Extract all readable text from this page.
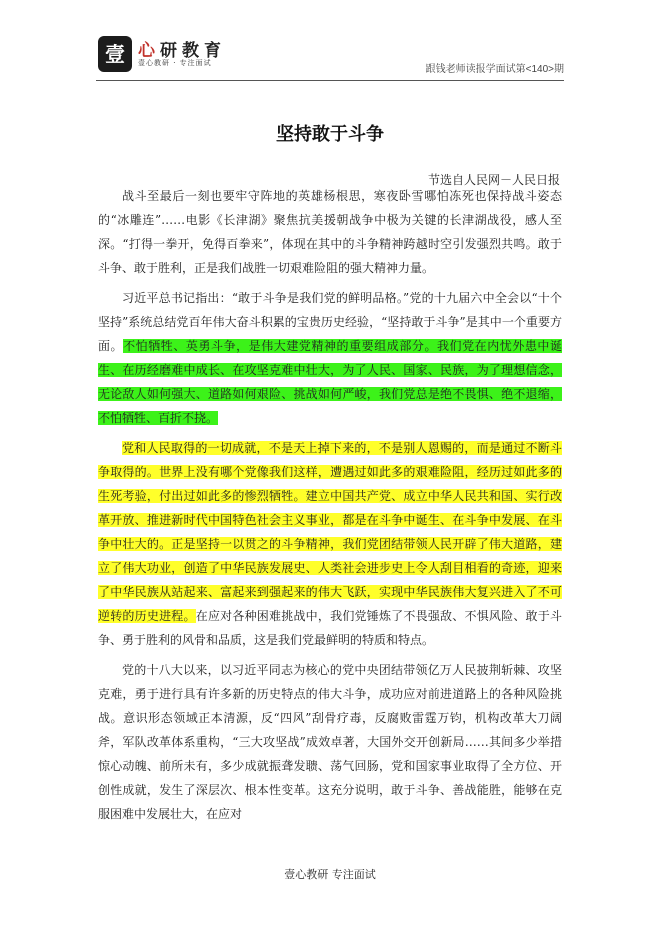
壹 心研教育
壹心教研 · 专注面试
跟钱老师读报学面试第<140>期
坚持敢于斗争
节选自人民网－人民日报

战斗至最后一刻也要牢守阵地的英雄杨根思，寒夜卧雪哪怕冻死也保持战斗姿态的“冰雕连”……电影《长津湖》聚焦抗美援朝战争中极为关键的长津湖战役，感人至深。“打得一拳开，免得百拳来”，体现在其中的斗争精神跨越时空引发强烈共鸣。敢于斗争、敢于胜利，正是我们战胜一切艰难险阻的强大精神力量。

习近平总书记指出：“敢于斗争是我们党的鲜明品格。”党的十九届六中全会以“十个坚持”系统总结党百年伟大奋斗积累的宝贵历史经验，“坚持敢于斗争”是其中一个重要方面。不怕牺牲、英勇斗争，是伟大建党精神的重要组成部分。我们党在内忧外患中诞生、在历经磨难中成长、在攻坚克难中壮大，为了人民、国家、民族，为了理想信念，无论敌人如何强大、道路如何艰险、挑战如何严峻，我们党总是绝不畏惧、绝不退缩，不怕牺牲、百折不挠。

党和人民取得的一切成就，不是天上掉下来的，不是别人恩赐的，而是通过不断斗争取得的。世界上没有哪个党像我们这样，遭遇过如此多的艰难险阻，经历过如此多的生死考验，付出过如此多的惨烈牺牲。建立中国共产党、成立中华人民共和国、实行改革开放、推进新时代中国特色社会主义事业，都是在斗争中诞生、在斗争中发展、在斗争中壮大的。正是坚持一以贯之的斗争精神，我们党团结带领人民开辟了伟大道路，建立了伟大功业，创造了中华民族发展史、人类社会进步史上令人刮目相看的奇迹，迎来了中华民族从站起来、富起来到强起来的伟大飞跃，实现中华民族伟大复兴进入了不可逆转的历史进程。在应对各种困难挑战中，我们党锤炼了不畏强敌、不惧风险、敢于斗争、勇于胜利的风骨和品质，这是我们党最鲜明的特质和特点。

党的十八大以来，以习近平同志为核心的党中央团结带领亿万人民披荆斩棘、攻坚克难，勇于进行具有许多新的历史特点的伟大斗争，成功应对前进道路上的各种风险挑战。意识形态领域正本清源，反“四风”刮骨疗毒，反腐败雷霆万钧，机构改革大刀阔斧，军队改革体系重构，“三大攻坚战”成效卓著，大国外交开创新局……其间多少举措惊心动魄、前所未有，多少成就振聋发聩、荡气回肠，党和国家事业取得了全方位、开创性成就，发生了深层次、根本性变革。这充分说明，敢于斗争、善战能胜，能够在克服困难中发展壮大，在应对

壹心教研 专注面试
